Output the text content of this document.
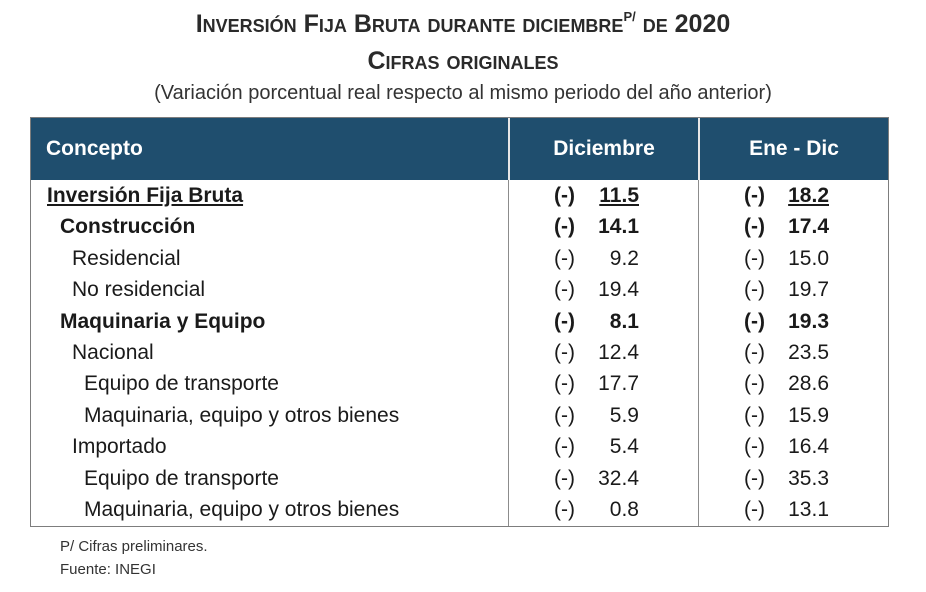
Inversión Fija Bruta durante diciembre$^{P/}$ de 2020
Cifras originales
(Variación porcentual real respecto al mismo periodo del año anterior)
Concepto	Diciembre	Ene - Dic
Inversión Fija Bruta	(-)	11.5	(-)	18.2
Construcción	(-)	14.1	(-)	17.4
Residencial	(-)	9.2	(-)	15.0
No residencial	(-)	19.4	(-)	19.7
Maquinaria y Equipo	(-)	8.1	(-)	19.3
Nacional	(-)	12.4	(-)	23.5
Equipo de transporte	(-)	17.7	(-)	28.6
Maquinaria, equipo y otros bienes	(-)	5.9	(-)	15.9
Importado	(-)	5.4	(-)	16.4
Equipo de transporte	(-)	32.4	(-)	35.3
Maquinaria, equipo y otros bienes	(-)	0.8	(-)	13.1
P/ Cifras preliminares.
Fuente: INEGI
